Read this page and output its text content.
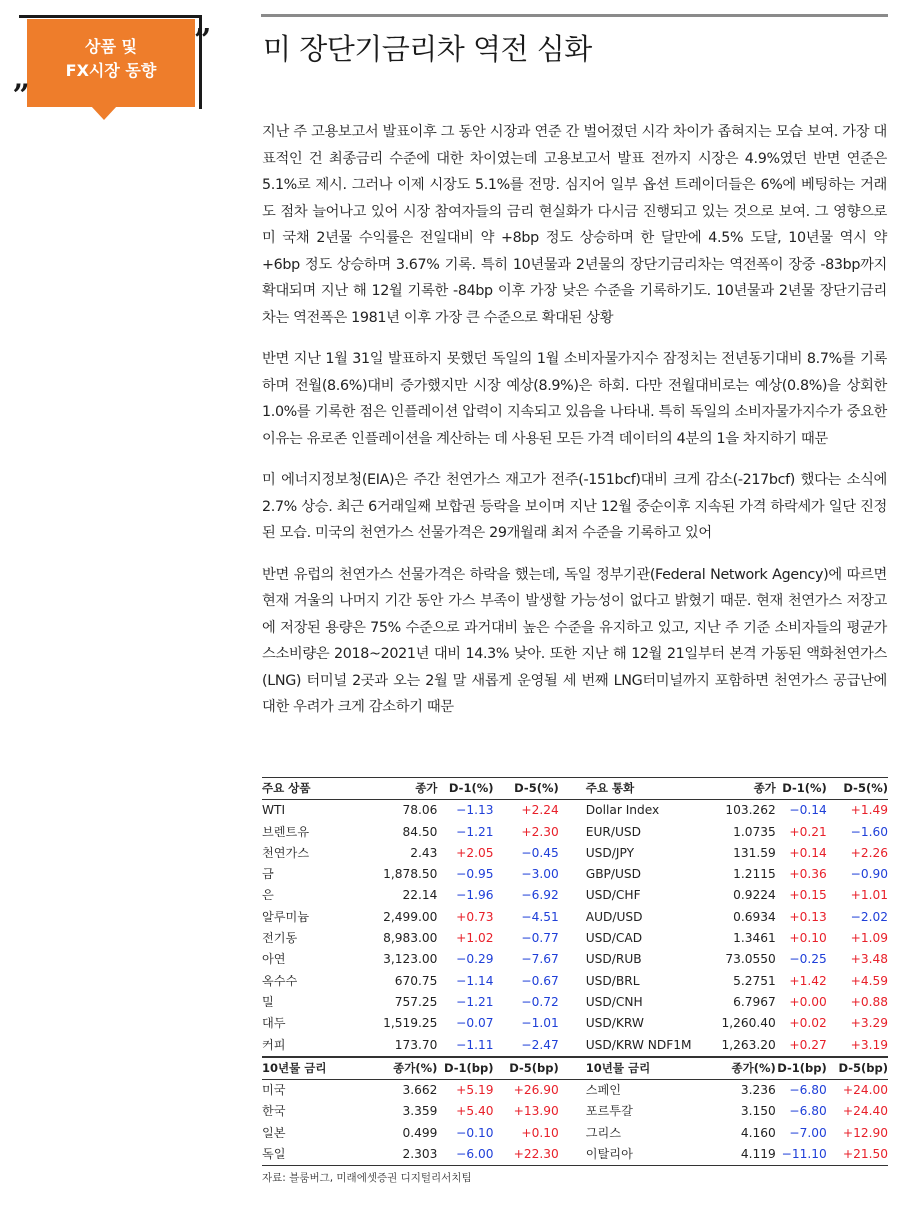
상품 및
FX시장 동향
”
„
미 장단기금리차 역전 심화

지난 주 고용보고서 발표이후 그 동안 시장과 연준 간 벌어졌던 시각 차이가 좁혀지는 모습 보여. 가장 대표적인 건 최종금리 수준에 대한 차이였는데 고용보고서 발표 전까지 시장은 4.9%였던 반면 연준은 5.1%로 제시. 그러나 이제 시장도 5.1%를 전망. 심지어 일부 옵션 트레이더들은 6%에 베팅하는 거래도 점차 늘어나고 있어 시장 참여자들의 금리 현실화가 다시금 진행되고 있는 것으로 보여. 그 영향으로 미 국채 2년물 수익률은 전일대비 약 +8bp 정도 상승하며 한 달만에 4.5% 도달, 10년물 역시 약 +6bp 정도 상승하며 3.67% 기록. 특히 10년물과 2년물의 장단기금리차는 역전폭이 장중 -83bp까지 확대되며 지난 해 12월 기록한 -84bp 이후 가장 낮은 수준을 기록하기도. 10년물과 2년물 장단기금리차는 역전폭은 1981년 이후 가장 큰 수준으로 확대된 상황

반면 지난 1월 31일 발표하지 못했던 독일의 1월 소비자물가지수 잠정치는 전년동기대비 8.7%를 기록하며 전월(8.6%)대비 증가했지만 시장 예상(8.9%)은 하회. 다만 전월대비로는 예상(0.8%)을 상회한 1.0%를 기록한 점은 인플레이션 압력이 지속되고 있음을 나타내. 특히 독일의 소비자물가지수가 중요한 이유는 유로존 인플레이션을 계산하는 데 사용된 모든 가격 데이터의 4분의 1을 차지하기 때문

미 에너지정보청(EIA)은 주간 천연가스 재고가 전주(-151bcf)대비 크게 감소(-217bcf) 했다는 소식에 2.7% 상승. 최근 6거래일째 보합권 등락을 보이며 지난 12월 중순이후 지속된 가격 하락세가 일단 진정된 모습. 미국의 천연가스 선물가격은 29개월래 최저 수준을 기록하고 있어

반면 유럽의 천연가스 선물가격은 하락을 했는데, 독일 정부기관(Federal Network Agency)에 따르면 현재 겨울의 나머지 기간 동안 가스 부족이 발생할 가능성이 없다고 밝혔기 때문. 현재 천연가스 저장고에 저장된 용량은 75% 수준으로 과거대비 높은 수준을 유지하고 있고, 지난 주 기준 소비자들의 평균가스소비량은 2018~2021년 대비 14.3% 낮아. 또한 지난 해 12월 21일부터 본격 가동된 액화천연가스(LNG) 터미널 2곳과 오는 2월 말 새롭게 운영될 세 번째 LNG터미널까지 포함하면 천연가스 공급난에 대한 우려가 크게 감소하기 때문

주요 상품	종가	D-1(%)	D-5(%)	주요 통화	종가	D-1(%)	D-5(%)
WTI	78.06	−1.13	+2.24	Dollar Index	103.262	−0.14	+1.49
브렌트유	84.50	−1.21	+2.30	EUR/USD	1.0735	+0.21	−1.60
천연가스	2.43	+2.05	−0.45	USD/JPY	131.59	+0.14	+2.26
금	1,878.50	−0.95	−3.00	GBP/USD	1.2115	+0.36	−0.90
은	22.14	−1.96	−6.92	USD/CHF	0.9224	+0.15	+1.01
알루미늄	2,499.00	+0.73	−4.51	AUD/USD	0.6934	+0.13	−2.02
전기동	8,983.00	+1.02	−0.77	USD/CAD	1.3461	+0.10	+1.09
아연	3,123.00	−0.29	−7.67	USD/RUB	73.0550	−0.25	+3.48
옥수수	670.75	−1.14	−0.67	USD/BRL	5.2751	+1.42	+4.59
밀	757.25	−1.21	−0.72	USD/CNH	6.7967	+0.00	+0.88
대두	1,519.25	−0.07	−1.01	USD/KRW	1,260.40	+0.02	+3.29
커피	173.70	−1.11	−2.47	USD/KRW NDF1M	1,263.20	+0.27	+3.19
10년물 금리	종가(%)	D-1(bp)	D-5(bp)	10년물 금리	종가(%)	D-1(bp)	D-5(bp)
미국	3.662	+5.19	+26.90	스페인	3.236	−6.80	+24.00
한국	3.359	+5.40	+13.90	포르투갈	3.150	−6.80	+24.40
일본	0.499	−0.10	+0.10	그리스	4.160	−7.00	+12.90
독일	2.303	−6.00	+22.30	이탈리아	4.119	−11.10	+21.50
자료: 블룸버그, 미래에셋증권 디지털리서치팀
